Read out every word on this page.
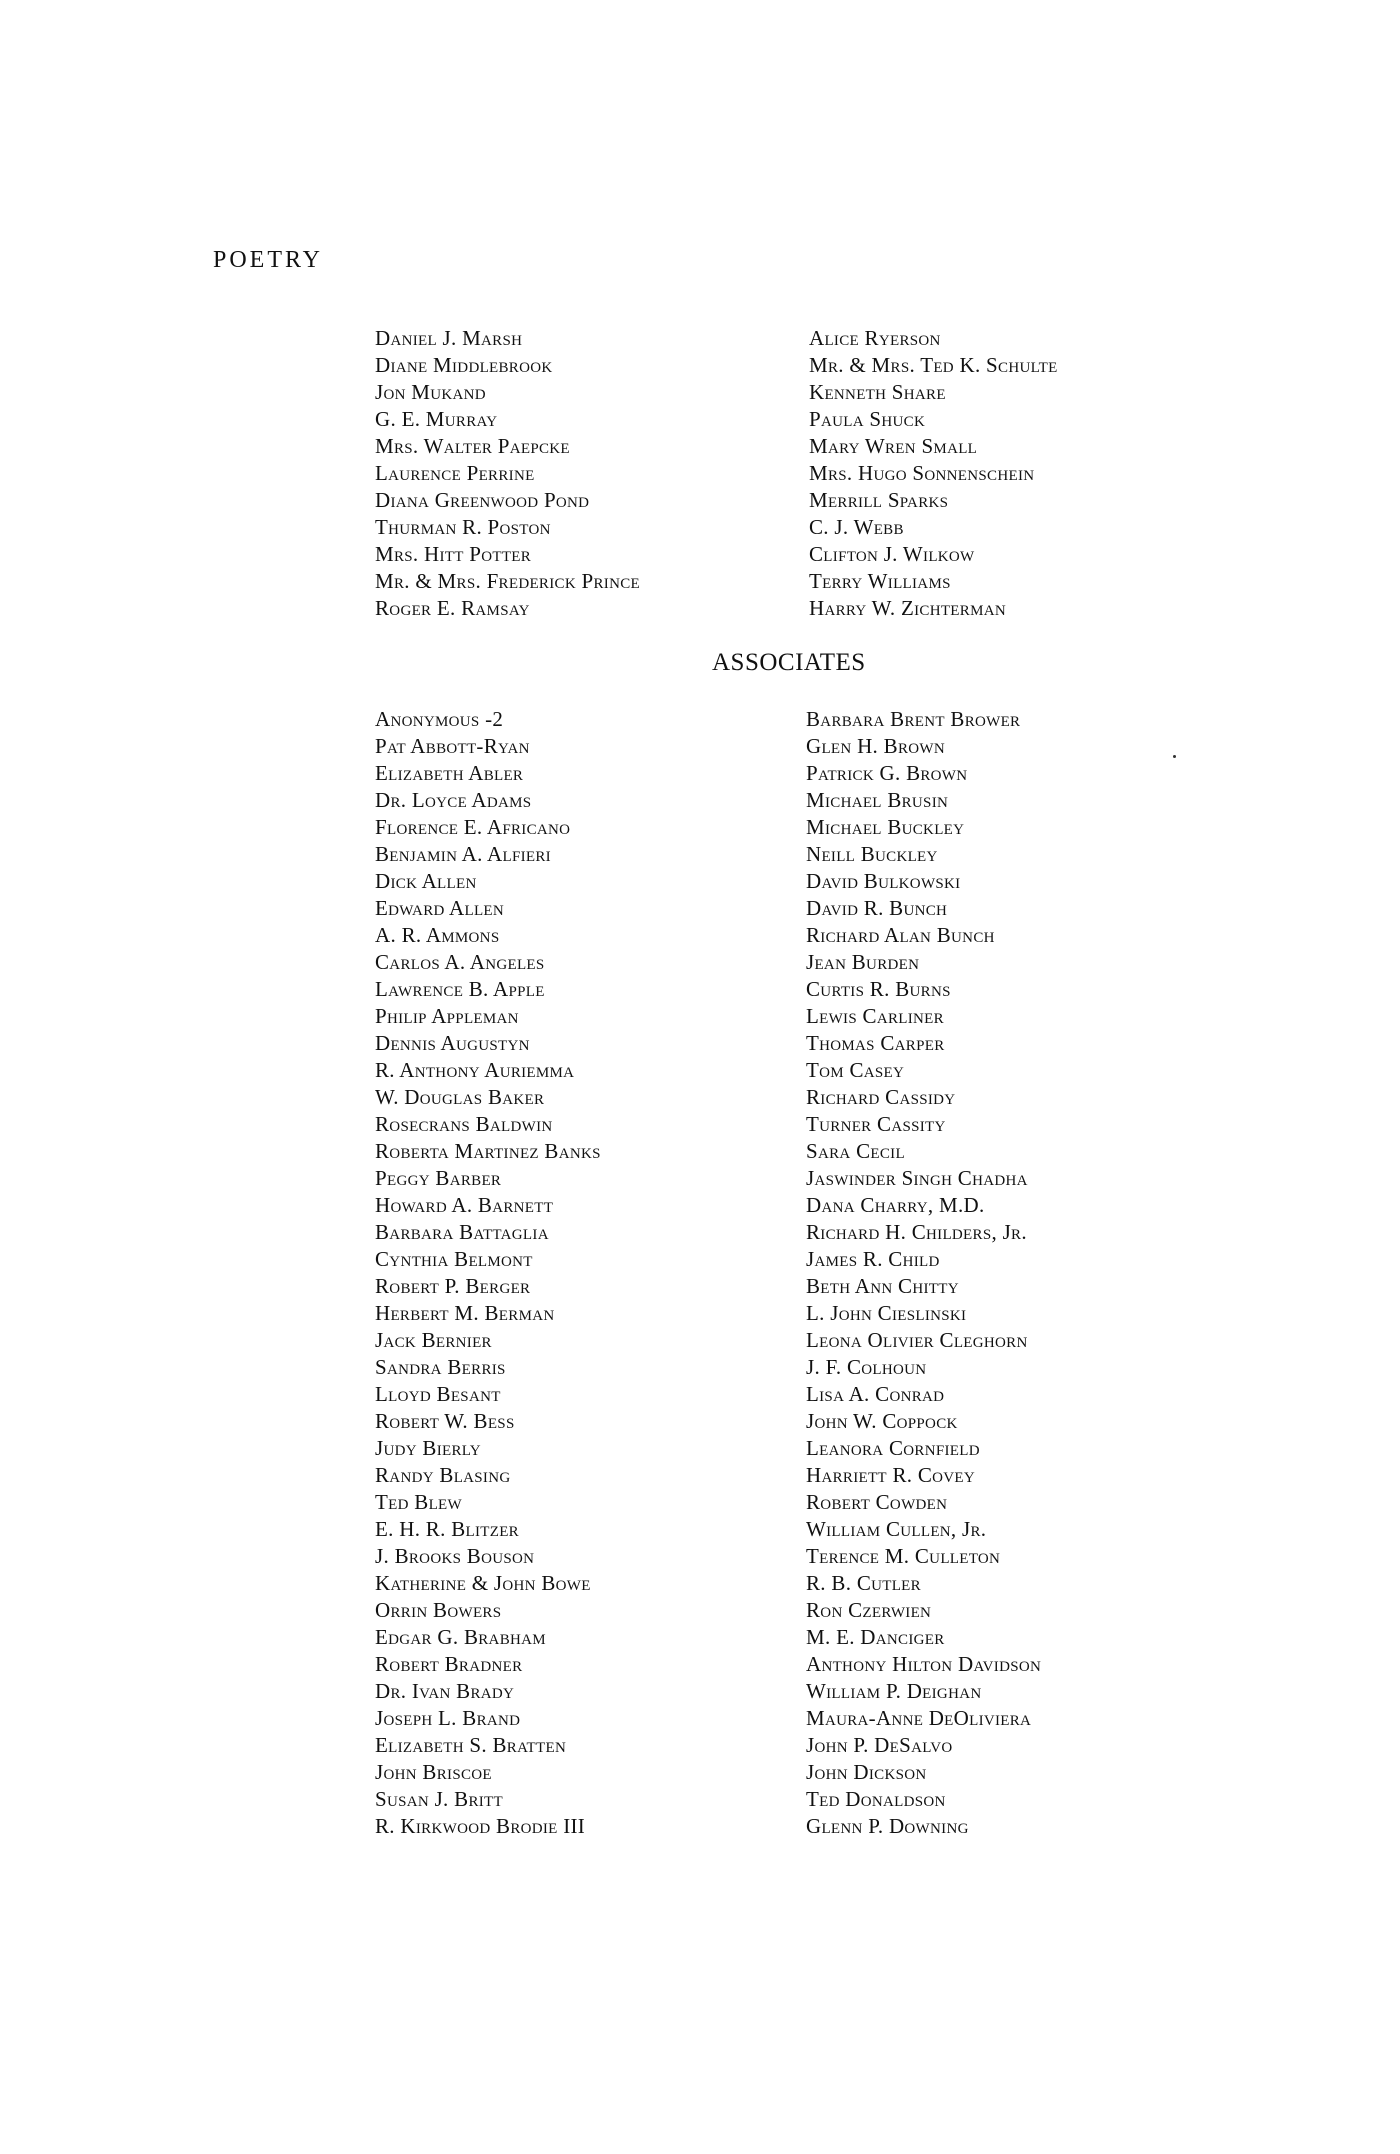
POETRY
Daniel J. Marsh
Diane Middlebrook
Jon Mukand
G. E. Murray
Mrs. Walter Paepcke
Laurence Perrine
Diana Greenwood Pond
Thurman R. Poston
Mrs. Hitt Potter
Mr. & Mrs. Frederick Prince
Roger E. Ramsay
Alice Ryerson
Mr. & Mrs. Ted K. Schulte
Kenneth Share
Paula Shuck
Mary Wren Small
Mrs. Hugo Sonnenschein
Merrill Sparks
C. J. Webb
Clifton J. Wilkow
Terry Williams
Harry W. Zichterman
ASSOCIATES
Anonymous -2
Pat Abbott-Ryan
Elizabeth Abler
Dr. Loyce Adams
Florence E. Africano
Benjamin A. Alfieri
Dick Allen
Edward Allen
A. R. Ammons
Carlos A. Angeles
Lawrence B. Apple
Philip Appleman
Dennis Augustyn
R. Anthony Auriemma
W. Douglas Baker
Rosecrans Baldwin
Roberta Martinez Banks
Peggy Barber
Howard A. Barnett
Barbara Battaglia
Cynthia Belmont
Robert P. Berger
Herbert M. Berman
Jack Bernier
Sandra Berris
Lloyd Besant
Robert W. Bess
Judy Bierly
Randy Blasing
Ted Blew
E. H. R. Blitzer
J. Brooks Bouson
Katherine & John Bowe
Orrin Bowers
Edgar G. Brabham
Robert Bradner
Dr. Ivan Brady
Joseph L. Brand
Elizabeth S. Bratten
John Briscoe
Susan J. Britt
R. Kirkwood Brodie III
Barbara Brent Brower
Glen H. Brown
Patrick G. Brown
Michael Brusin
Michael Buckley
Neill Buckley
David Bulkowski
David R. Bunch
Richard Alan Bunch
Jean Burden
Curtis R. Burns
Lewis Carliner
Thomas Carper
Tom Casey
Richard Cassidy
Turner Cassity
Sara Cecil
Jaswinder Singh Chadha
Dana Charry, M.D.
Richard H. Childers, Jr.
James R. Child
Beth Ann Chitty
L. John Cieslinski
Leona Olivier Cleghorn
J. F. Colhoun
Lisa A. Conrad
John W. Coppock
Leanora Cornfield
Harriett R. Covey
Robert Cowden
William Cullen, Jr.
Terence M. Culleton
R. B. Cutler
Ron Czerwien
M. E. Danciger
Anthony Hilton Davidson
William P. Deighan
Maura-Anne DeOliviera
John P. DeSalvo
John Dickson
Ted Donaldson
Glenn P. Downing
